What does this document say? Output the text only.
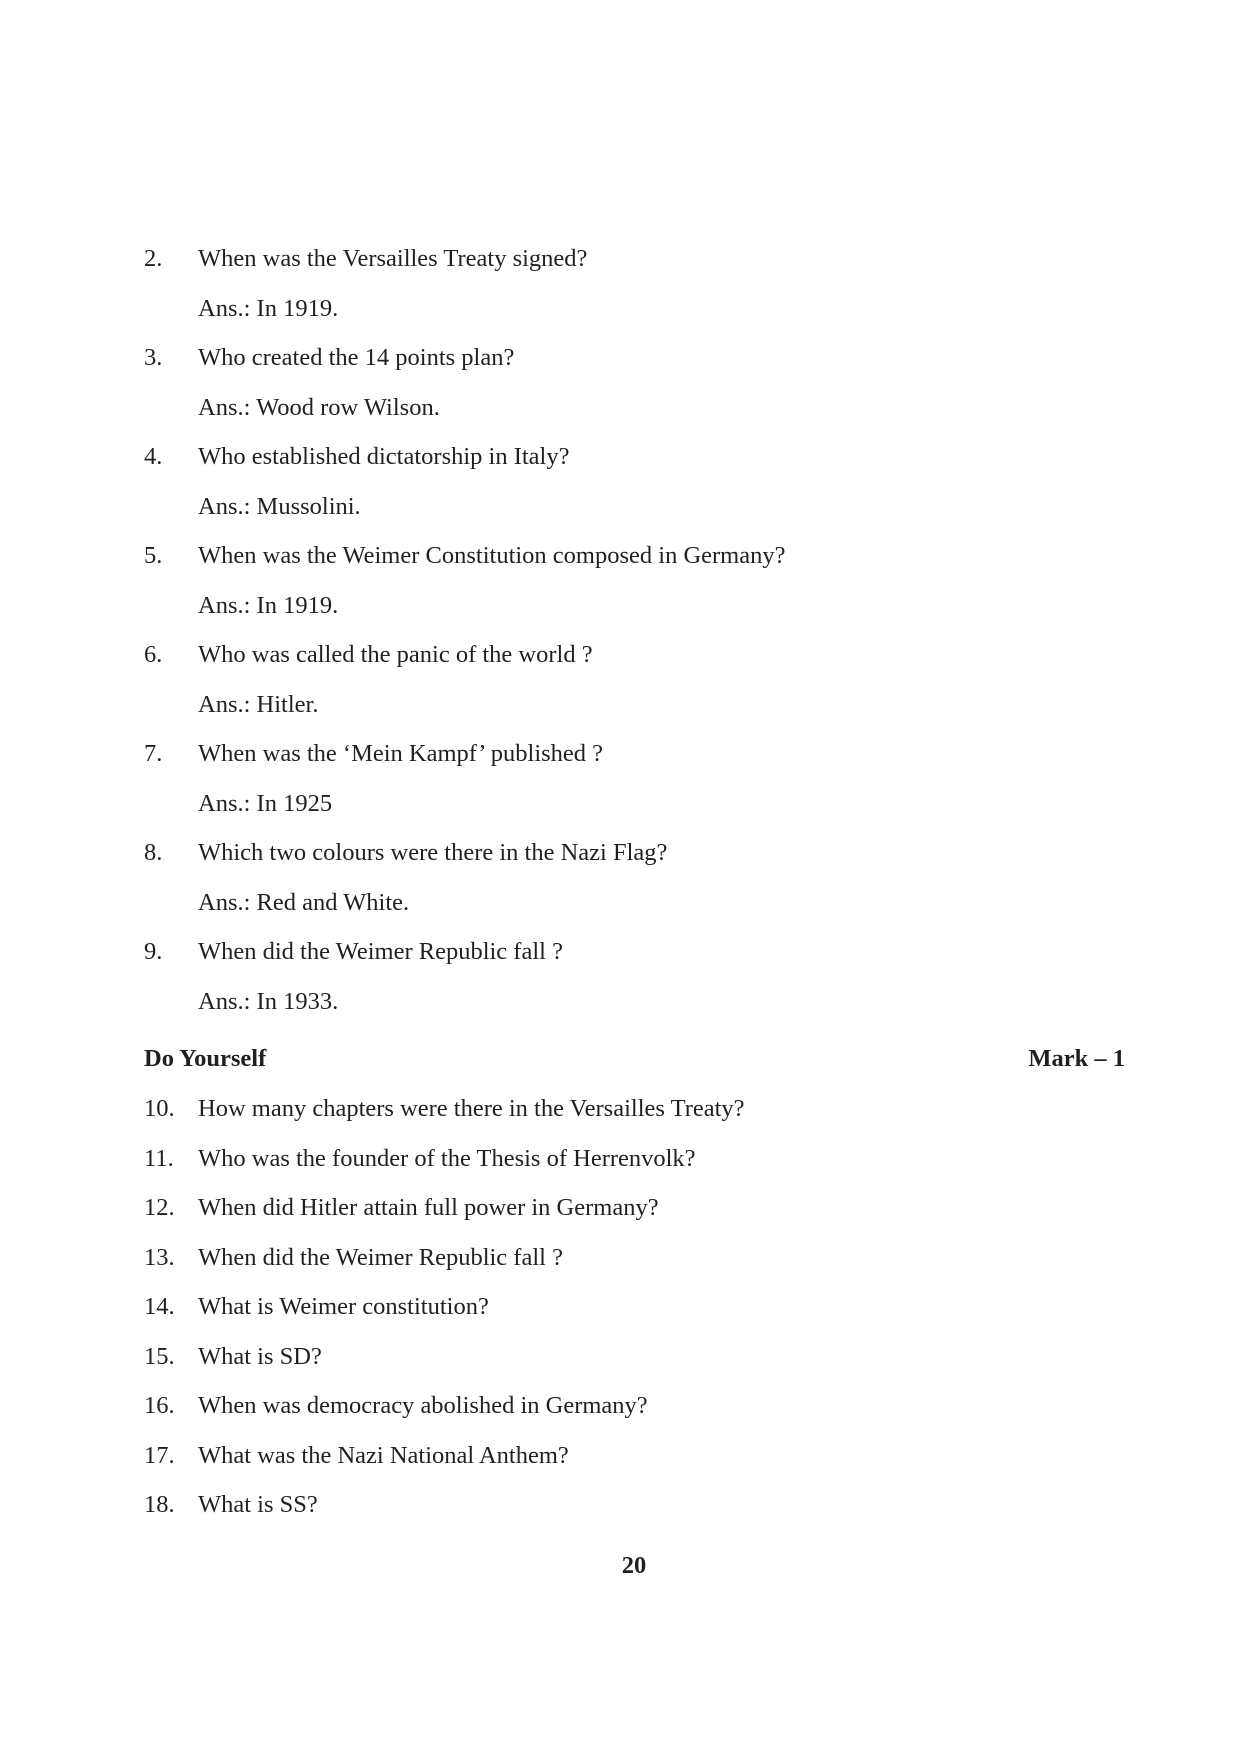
2.	When was the Versailles Treaty signed?
Ans.: In 1919.
3.	Who created the 14 points plan?
Ans.: Wood row Wilson.
4.	Who established dictatorship in Italy?
Ans.: Mussolini.
5.	When was the Weimer Constitution composed in Germany?
Ans.: In 1919.
6.	Who was called the panic of the world ?
Ans.: Hitler.
7.	When was the ‘Mein Kampf’ published ?
Ans.: In 1925
8.	Which two colours were there in the Nazi Flag?
Ans.: Red and White.
9.	When did the Weimer Republic fall ?
Ans.: In 1933.
Do Yourself	Mark – 1
10. How many chapters were there in the Versailles Treaty?
11. Who was the founder of the Thesis of Herrenvolk?
12. When did Hitler attain full power in Germany?
13. When did the Weimer Republic fall ?
14. What is Weimer constitution?
15. What is SD?
16. When was democracy abolished in Germany?
17. What was the Nazi National Anthem?
18. What is SS?
20
